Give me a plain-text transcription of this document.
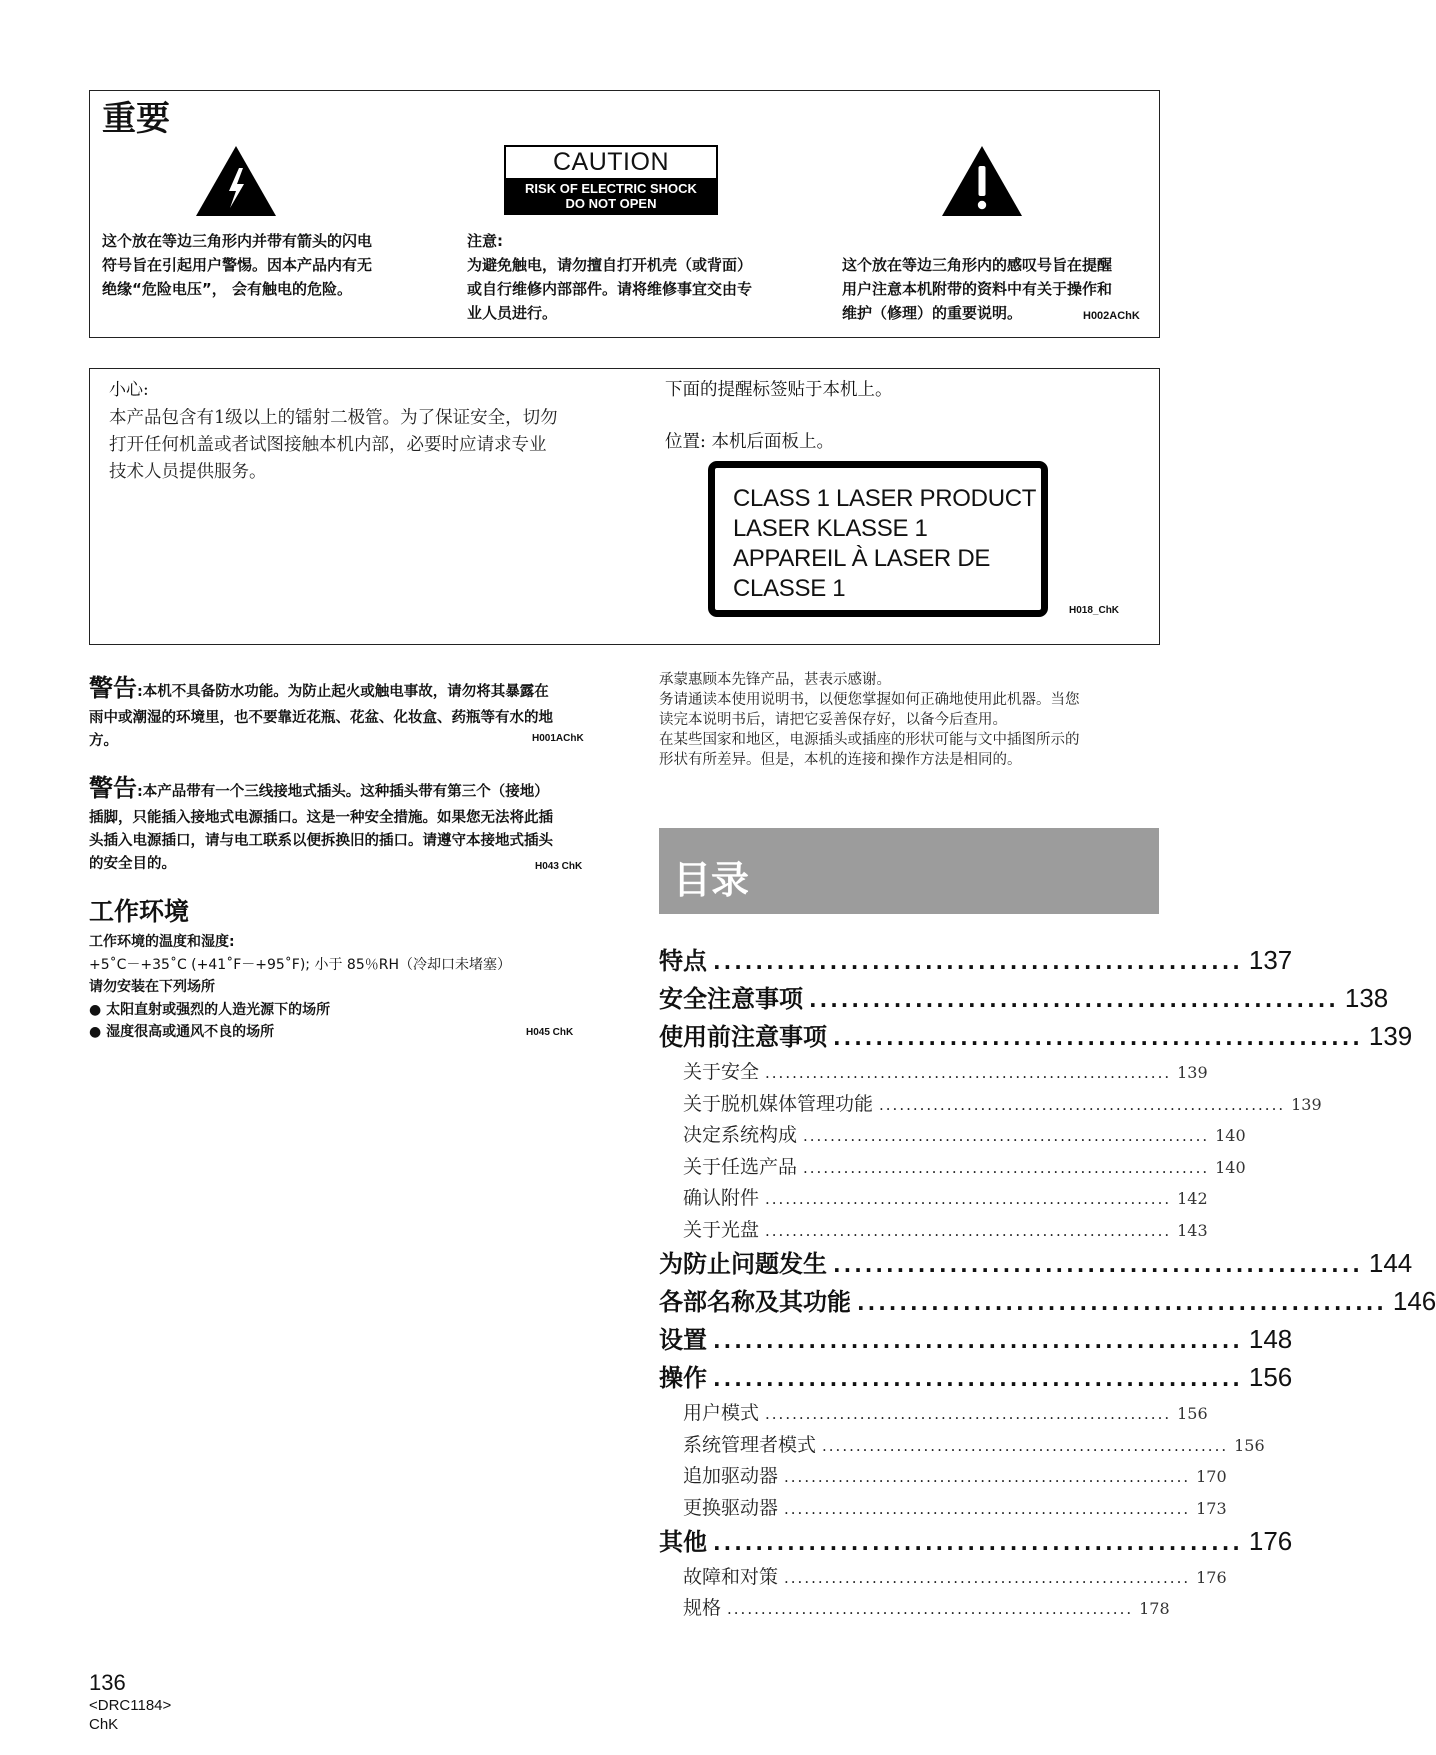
重要
CAUTION
RISK OF ELECTRIC SHOCK
DO NOT OPEN
这个放在等边三角形内并带有箭头的闪电
符号旨在引起用户警惕。因本产品内有无
绝缘“危险电压”， 会有触电的危险。
注意:
为避免触电，请勿擅自打开机壳（或背面）
或自行维修内部部件。请将维修事宜交由专
业人员进行。
这个放在等边三角形内的感叹号旨在提醒
用户注意本机附带的资料中有关于操作和
维护（修理）的重要说明。	H002AChK
小心:
本产品包含有1级以上的镭射二极管。为了保证安全，切勿
打开任何机盖或者试图接触本机内部，必要时应请求专业
技术人员提供服务。
下面的提醒标签贴于本机上。
位置: 本机后面板上。
CLASS 1 LASER PRODUCT
LASER KLASSE 1
APPAREIL À LASER DE
CLASSE 1
H018_ChK
警告:本机不具备防水功能。为防止起火或触电事故，请勿将其暴露在
雨中或潮湿的环境里，也不要靠近花瓶、花盆、化妆盒、药瓶等有水的地
方。	H001AChK
警告:本产品带有一个三线接地式插头。这种插头带有第三个（接地）
插脚，只能插入接地式电源插口。这是一种安全措施。如果您无法将此插
头插入电源插口，请与电工联系以便拆换旧的插口。请遵守本接地式插头
的安全目的。	H043 ChK
工作环境
工作环境的温度和湿度:
+5˚C－+35˚C (+41˚F－+95˚F); 小于 85％RH（冷却口未堵塞）
请勿安装在下列场所
● 太阳直射或强烈的人造光源下的场所
● 湿度很高或通风不良的场所	H045 ChK
承蒙惠顾本先锋产品，甚表示感谢。
务请通读本使用说明书，以便您掌握如何正确地使用此机器。当您
读完本说明书后，请把它妥善保存好，以备今后查用。
在某些国家和地区，电源插头或插座的形状可能与文中插图所示的
形状有所差异。但是，本机的连接和操作方法是相同的。
目录
特点 .................................................. 137
安全注意事项 .................................................. 138
使用前注意事项 .................................................. 139
关于安全 ............................................................ 139
关于脱机媒体管理功能 ............................................................ 139
决定系统构成 ............................................................ 140
关于任选产品 ............................................................ 140
确认附件 ............................................................ 142
关于光盘 ............................................................ 143
为防止问题发生 .................................................. 144
各部名称及其功能 .................................................. 146
设置 .................................................. 148
操作 .................................................. 156
用户模式 ............................................................ 156
系统管理者模式 ............................................................ 156
追加驱动器 ............................................................ 170
更换驱动器 ............................................................ 173
其他 .................................................. 176
故障和对策 ............................................................ 176
规格 ............................................................ 178
136
<DRC1184>
ChK
